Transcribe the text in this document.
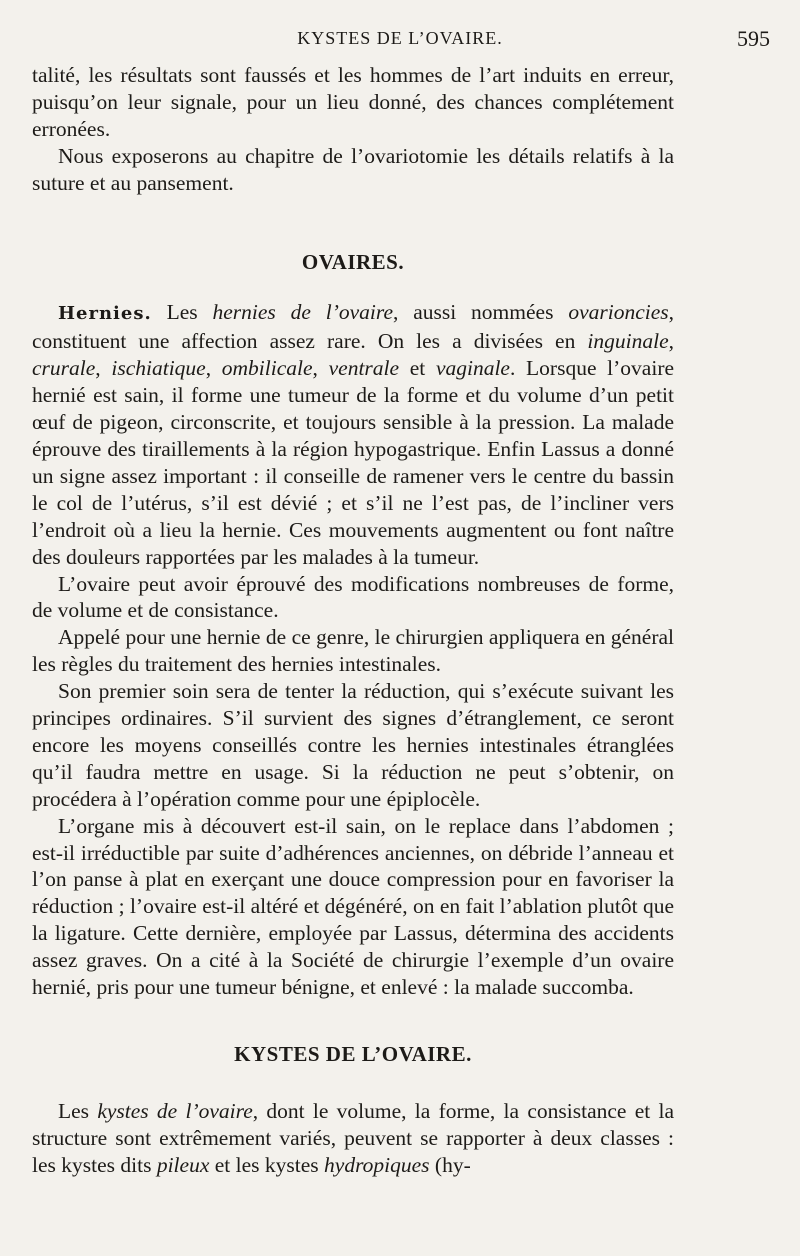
KYSTES DE L’OVAIRE.	595

talité, les résultats sont faussés et les hommes de l’art induits en erreur, puisqu’on leur signale, pour un lieu donné, des chances complétement erronées.

Nous exposerons au chapitre de l’ovariotomie les détails relatifs à la suture et au pansement.

OVAIRES.

Hernies. Les hernies de l’ovaire, aussi nommées ovarioncies, constituent une affection assez rare. On les a divisées en inguinale, crurale, ischiatique, ombilicale, ventrale et vaginale. Lorsque l’ovaire hernié est sain, il forme une tumeur de la forme et du volume d’un petit œuf de pigeon, circonscrite, et toujours sensible à la pression. La malade éprouve des tiraillements à la région hypogastrique. Enfin Lassus a donné un signe assez important : il conseille de ramener vers le centre du bassin le col de l’utérus, s’il est dévié ; et s’il ne l’est pas, de l’incliner vers l’endroit où a lieu la hernie. Ces mouvements augmentent ou font naître des douleurs rapportées par les malades à la tumeur.

L’ovaire peut avoir éprouvé des modifications nombreuses de forme, de volume et de consistance.

Appelé pour une hernie de ce genre, le chirurgien appliquera en général les règles du traitement des hernies intestinales.

Son premier soin sera de tenter la réduction, qui s’exécute suivant les principes ordinaires. S’il survient des signes d’étranglement, ce seront encore les moyens conseillés contre les hernies intestinales étranglées qu’il faudra mettre en usage. Si la réduction ne peut s’obtenir, on procédera à l’opération comme pour une épiplocèle.

L’organe mis à découvert est-il sain, on le replace dans l’abdomen ; est-il irréductible par suite d’adhérences anciennes, on débride l’anneau et l’on panse à plat en exerçant une douce compression pour en favoriser la réduction ; l’ovaire est-il altéré et dégénéré, on en fait l’ablation plutôt que la ligature. Cette dernière, employée par Lassus, détermina des accidents assez graves. On a cité à la Société de chirurgie l’exemple d’un ovaire hernié, pris pour une tumeur bénigne, et enlevé : la malade succomba.

KYSTES DE L’OVAIRE.

Les kystes de l’ovaire, dont le volume, la forme, la consistance et la structure sont extrêmement variés, peuvent se rapporter à deux classes : les kystes dits pileux et les kystes hydropiques (hy-
